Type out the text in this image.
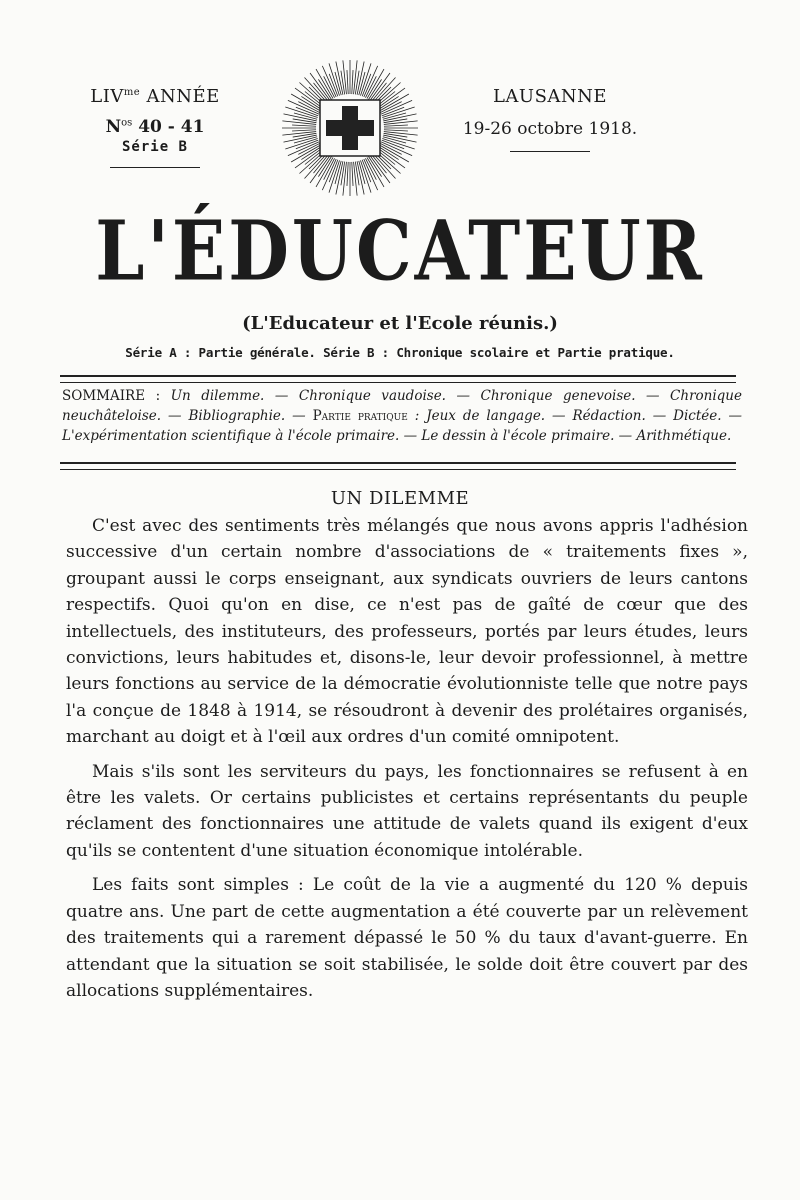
$LIV^{me}$ ANNÉE
$N^{os}$ 40 - 41
Série B
LAUSANNE
19-26 octobre 1918.
L'ÉDUCATEUR
(L'Educateur et l'Ecole réunis.)
Série A : Partie générale. Série B : Chronique scolaire et Partie pratique.
SOMMAIRE : Un dilemme. — Chronique vaudoise. — Chronique genevoise. — Chronique neuchâteloise. — Bibliographie. — Partie pratique : Jeux de langage. — Rédaction. — Dictée. — L'expérimentation scientifique à l'école primaire. — Le dessin à l'école primaire. — Arithmétique.
UN DILEMME

C'est avec des sentiments très mélangés que nous avons appris l'adhésion successive d'un certain nombre d'associations de « traitements fixes », groupant aussi le corps enseignant, aux syndicats ouvriers de leurs cantons respectifs. Quoi qu'on en dise, ce n'est pas de gaîté de cœur que des intellectuels, des instituteurs, des professeurs, portés par leurs études, leurs convictions, leurs habitudes et, disons-le, leur devoir professionnel, à mettre leurs fonctions au service de la démocratie évolutionniste telle que notre pays l'a conçue de 1848 à 1914, se résoudront à devenir des prolétaires organisés, marchant au doigt et à l'œil aux ordres d'un comité omnipotent.

Mais s'ils sont les serviteurs du pays, les fonctionnaires se refusent à en être les valets. Or certains publicistes et certains représentants du peuple réclament des fonctionnaires une attitude de valets quand ils exigent d'eux qu'ils se contentent d'une situation économique intolérable.

Les faits sont simples : Le coût de la vie a augmenté du 120 % depuis quatre ans. Une part de cette augmentation a été couverte par un relèvement des traitements qui a rarement dépassé le 50 % du taux d'avant-guerre. En attendant que la situation se soit stabilisée, le solde doit être couvert par des allocations supplémentaires.
